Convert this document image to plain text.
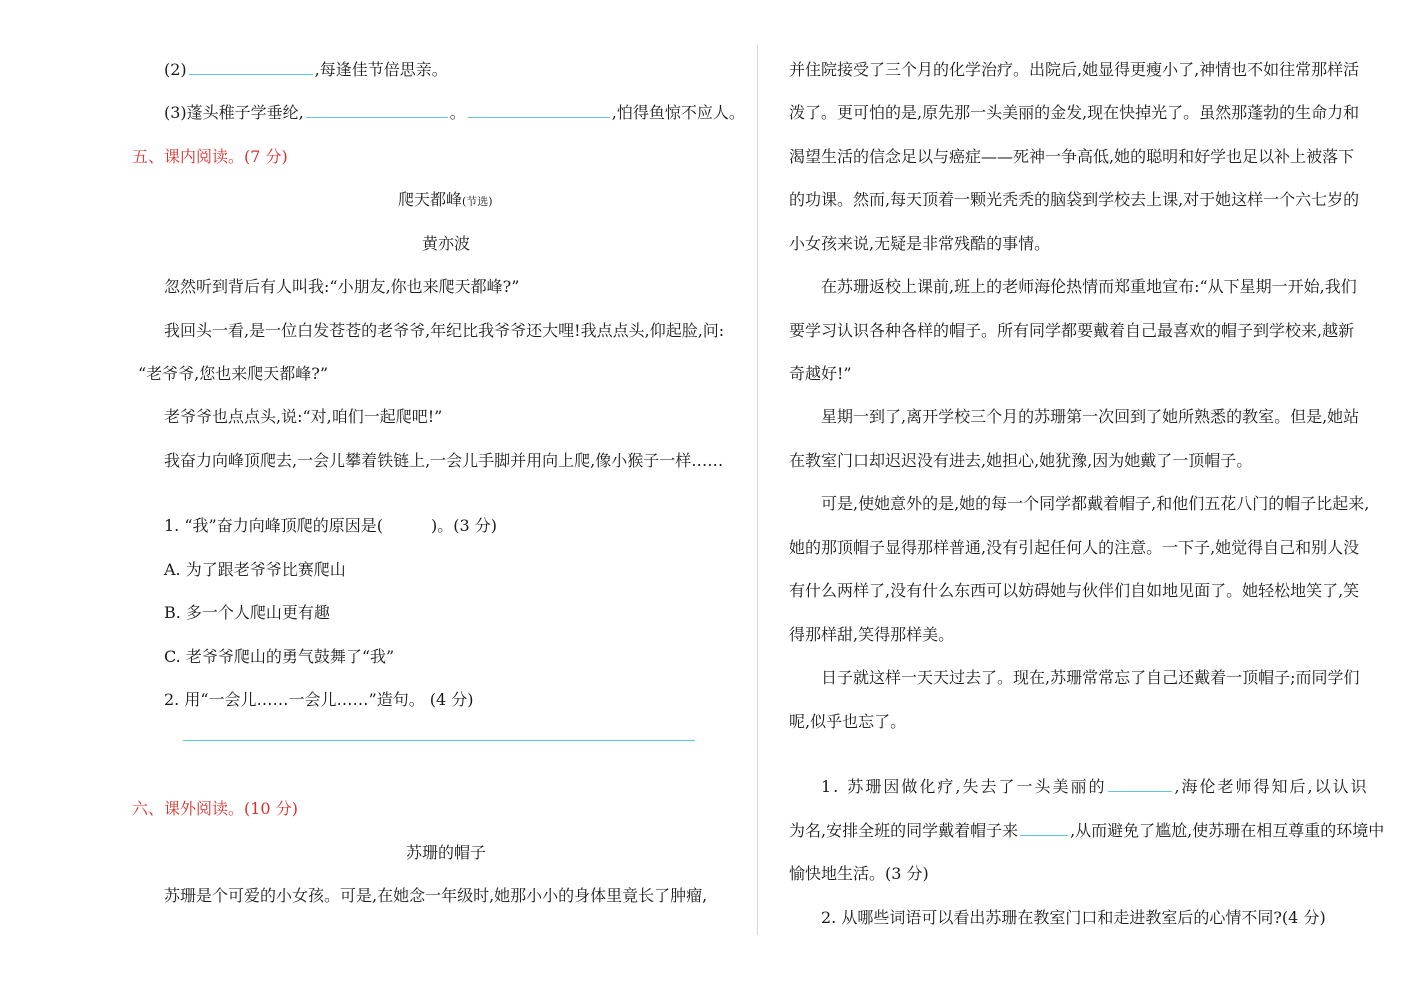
(2)	,每逢佳节倍思亲。
(3)蓬头稚子学垂纶,	。	,怕得鱼惊不应人。
五、课内阅读。(7 分)
爬天都峰(节选)
黄亦波
忽然听到背后有人叫我:“小朋友,你也来爬天都峰?”
我回头一看,是一位白发苍苍的老爷爷,年纪比我爷爷还大哩!我点点头,仰起脸,问:
“老爷爷,您也来爬天都峰?”
老爷爷也点点头,说:“对,咱们一起爬吧!”
我奋力向峰顶爬去,一会儿攀着铁链上,一会儿手脚并用向上爬,像小猴子一样……
1. “我”奋力向峰顶爬的原因是(	)。(3 分)
A. 为了跟老爷爷比赛爬山
B. 多一个人爬山更有趣
C. 老爷爷爬山的勇气鼓舞了“我”
2. 用“一会儿……一会儿……”造句。 (4 分)
六、课外阅读。(10 分)
苏珊的帽子
苏珊是个可爱的小女孩。可是,在她念一年级时,她那小小的身体里竟长了肿瘤,
并住院接受了三个月的化学治疗。出院后,她显得更瘦小了,神情也不如往常那样活
泼了。更可怕的是,原先那一头美丽的金发,现在快掉光了。虽然那蓬勃的生命力和
渴望生活的信念足以与癌症——死神一争高低,她的聪明和好学也足以补上被落下
的功课。然而,每天顶着一颗光秃秃的脑袋到学校去上课,对于她这样一个六七岁的
小女孩来说,无疑是非常残酷的事情。
在苏珊返校上课前,班上的老师海伦热情而郑重地宣布:“从下星期一开始,我们
要学习认识各种各样的帽子。所有同学都要戴着自己最喜欢的帽子到学校来,越新
奇越好!”
星期一到了,离开学校三个月的苏珊第一次回到了她所熟悉的教室。但是,她站
在教室门口却迟迟没有进去,她担心,她犹豫,因为她戴了一顶帽子。
可是,使她意外的是,她的每一个同学都戴着帽子,和他们五花八门的帽子比起来,
她的那顶帽子显得那样普通,没有引起任何人的注意。一下子,她觉得自己和别人没
有什么两样了,没有什么东西可以妨碍她与伙伴们自如地见面了。她轻松地笑了,笑
得那样甜,笑得那样美。
日子就这样一天天过去了。现在,苏珊常常忘了自己还戴着一顶帽子;而同学们
呢,似乎也忘了。
1. 苏珊因做化疗,失去了一头美丽的	,海伦老师得知后,以认识
为名,安排全班的同学戴着帽子来	,从而避免了尴尬,使苏珊在相互尊重的环境中
愉快地生活。(3 分)
2. 从哪些词语可以看出苏珊在教室门口和走进教室后的心情不同?(4 分)
